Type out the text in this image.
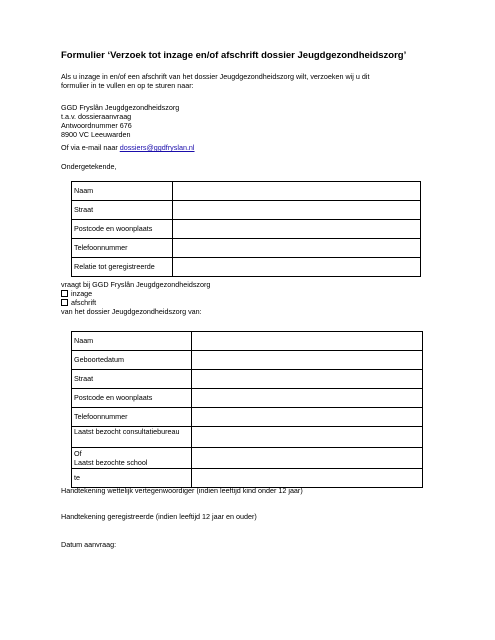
Formulier ‘Verzoek tot inzage en/of afschrift dossier Jeugdgezondheidszorg’
Als u inzage in en/of een afschrift van het dossier Jeugdgezondheidszorg wilt, verzoeken wij u dit
formulier in te vullen en op te sturen naar:
GGD Fryslân Jeugdgezondheidszorg
t.a.v. dossieraanvraag
Antwoordnummer 676
8900 VC Leeuwarden
Of via e-mail naar dossiers@ggdfryslan.nl
Ondergetekende,
Naam	
Straat	
Postcode en woonplaats	
Telefoonnummer	
Relatie tot geregistreerde	
vraagt bij GGD Fryslân Jeugdgezondheidszorg
inzage
afschrift
van het dossier Jeugdgezondheidszorg van:
Naam	
Geboortedatum	
Straat	
Postcode en woonplaats	
Telefoonnummer	
Laatst bezocht consultatiebureau	

Of
Laatst bezochte school	

te	
Handtekening wettelijk vertegenwoordiger (indien leeftijd kind onder 12 jaar)
Handtekening geregistreerde (indien leeftijd 12 jaar en ouder)
Datum aanvraag:
